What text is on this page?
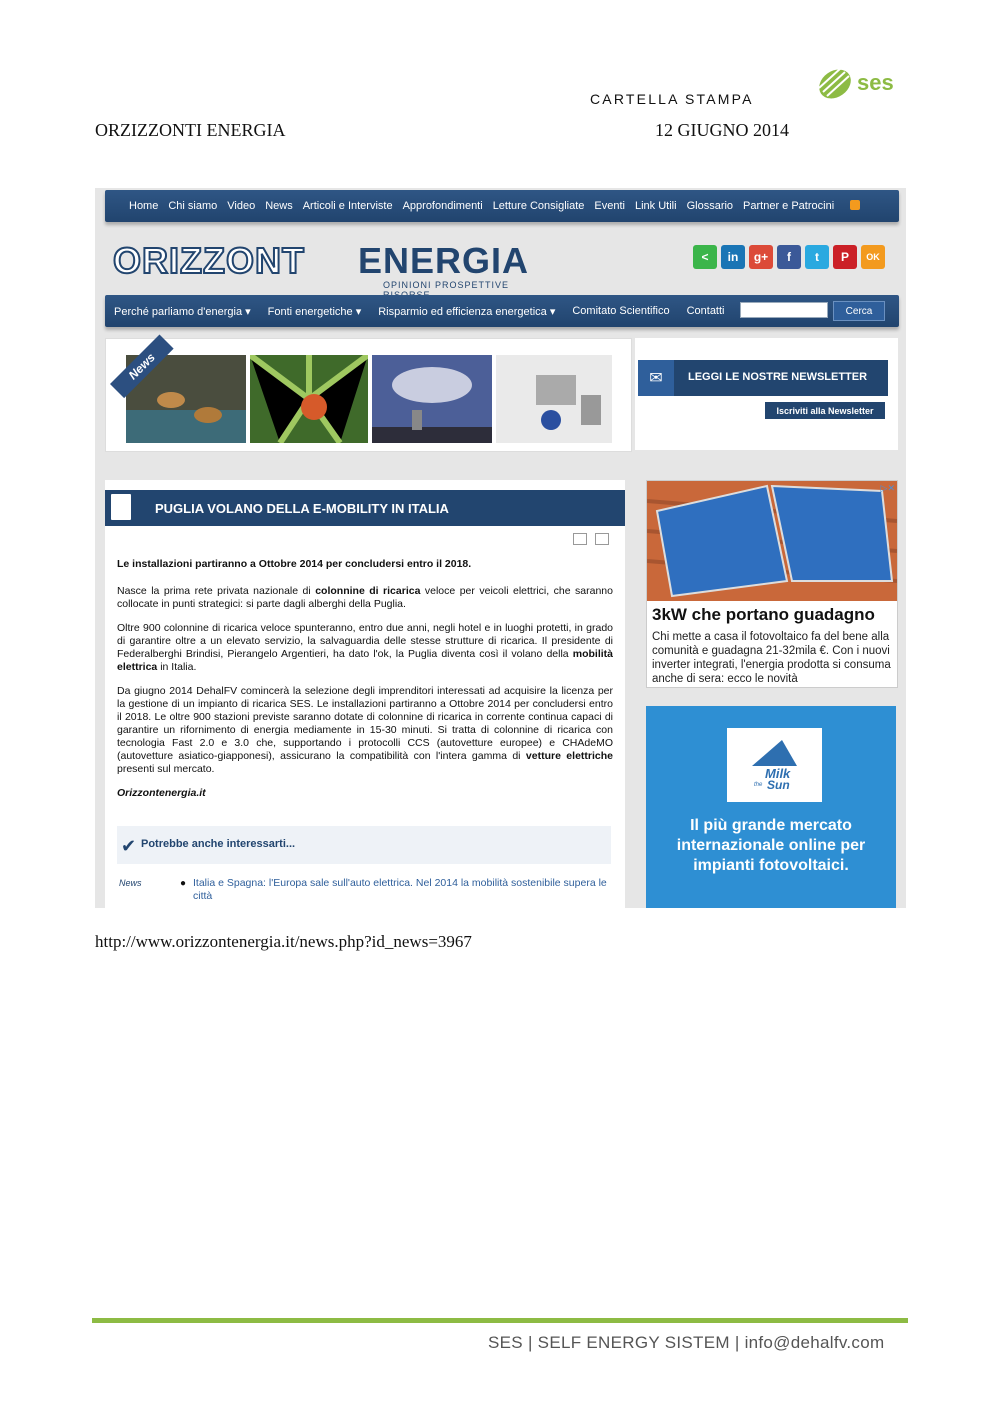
CARTELLA STAMPA
ses
ORZIZZONTI ENERGIA	12 GIUGNO 2014
Home Chi siamo Video News Articoli e Interviste Approfondimenti Letture Consigliate Eventi Link Utili Glossario Partner e Patrocini
ORIZZONT ENERGIA
OPINIONI PROSPETTIVE
<	in	g+	f	t	P	OK
Perché parliamo d'energia ▾ Fonti energetiche ▾ Risparmio ed efficienza energetica ▾ Comitato Scientifico Contatti	Cerca
News	✉	LEGGI LE NOSTRE NEWSLETTER
Iscriviti alla Newsletter
PUGLIA VOLANO DELLA E-MOBILITY IN ITALIA

Le installazioni partiranno a Ottobre 2014 per concludersi entro il 2018.

Nasce la prima rete privata nazionale di colonnine di ricarica veloce per veicoli elettrici, che saranno collocate in punti strategici: si parte dagli alberghi della Puglia.

Oltre 900 colonnine di ricarica veloce spunteranno, entro due anni, negli hotel e in luoghi protetti, in grado di garantire oltre a un elevato servizio, la salvaguardia delle stesse strutture di ricarica. Il presidente di Federalberghi Brindisi, Pierangelo Argentieri, ha dato l'ok, la Puglia diventa così il volano della mobilità elettrica in Italia.

Da giugno 2014 DehalFV comincerà la selezione degli imprenditori interessati ad acquisire la licenza per la gestione di un impianto di ricarica SES. Le installazioni partiranno a Ottobre 2014 per concludersi entro il 2018. Le oltre 900 stazioni previste saranno dotate di colonnine di ricarica in corrente continua capaci di garantire un rifornimento di energia mediamente in 15-30 minuti. Si tratta di colonnine di ricarica con tecnologia Fast 2.0 e 3.0 che, supportando i protocolli CCS (autovetture europee) e CHAdeMO (autovetture asiatico-giapponesi), assicurano la compatibilità con l'intera gamma di vetture elettriche presenti sul mercato.

Orizzontenergia.it

✔ Potrebbe anche interessarti...
News	● Italia e Spagna: l'Europa sale sull'auto elettrica. Nel 2014 la mobilità sostenibile supera le città
▷✕
3kW che portano guadagno
Chi mette a casa il fotovoltaico fa del bene alla comunità e guadagna 21-32mila €. Con i nuovi inverter integrati, l'energia prodotta si consuma anche di sera: ecco le novità
Milk
the Sun
Il più grande mercato internazionale online per impianti fotovoltaici.
http://www.orizzontenergia.it/news.php?id_news=3967
SES | SELF ENERGY SISTEM | info@dehalfv.com
